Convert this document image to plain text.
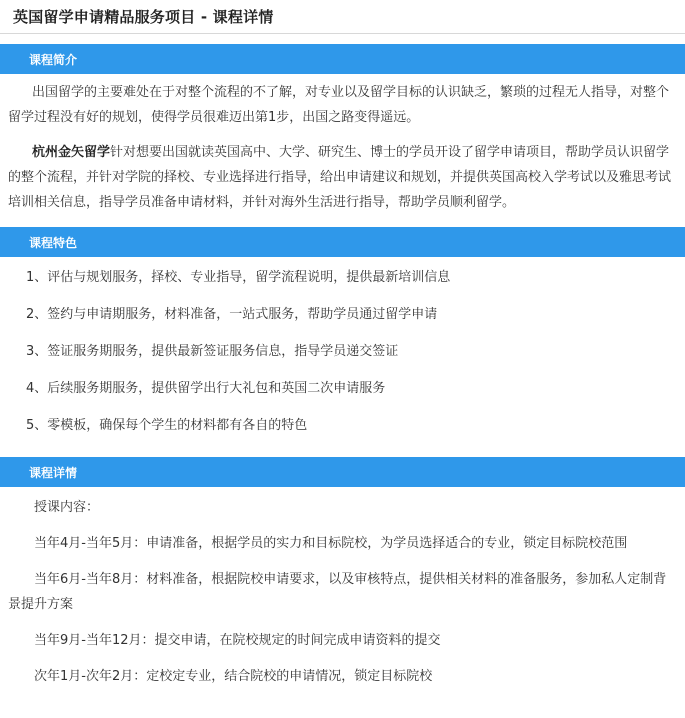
英国留学申请精品服务项目 - 课程详情
课程简介

出国留学的主要难处在于对整个流程的不了解，对专业以及留学目标的认识缺乏，繁琐的过程无人指导，对整个留学过程没有好的规划，使得学员很难迈出第1步，出国之路变得遥远。

杭州金矢留学针对想要出国就读英国高中、大学、研究生、博士的学员开设了留学申请项目，帮助学员认识留学的整个流程，并针对学院的择校、专业选择进行指导，给出申请建议和规划，并提供英国高校入学考试以及雅思考试培训相关信息，指导学员准备申请材料，并针对海外生活进行指导，帮助学员顺利留学。

课程特色
1、评估与规划服务，择校、专业指导，留学流程说明，提供最新培训信息
2、签约与申请期服务，材料准备，一站式服务，帮助学员通过留学申请
3、签证服务期服务，提供最新签证服务信息，指导学员递交签证
4、后续服务期服务，提供留学出行大礼包和英国二次申请服务
5、零模板，确保每个学生的材料都有各自的特色
课程详情

授课内容：

当年4月-当年5月：申请准备，根据学员的实力和目标院校，为学员选择适合的专业，锁定目标院校范围

当年6月-当年8月：材料准备，根据院校申请要求，以及审核特点，提供相关材料的准备服务，参加私人定制背景提升方案

当年9月-当年12月：提交申请，在院校规定的时间完成申请资料的提交

次年1月-次年2月：定校定专业，结合院校的申请情况，锁定目标院校
